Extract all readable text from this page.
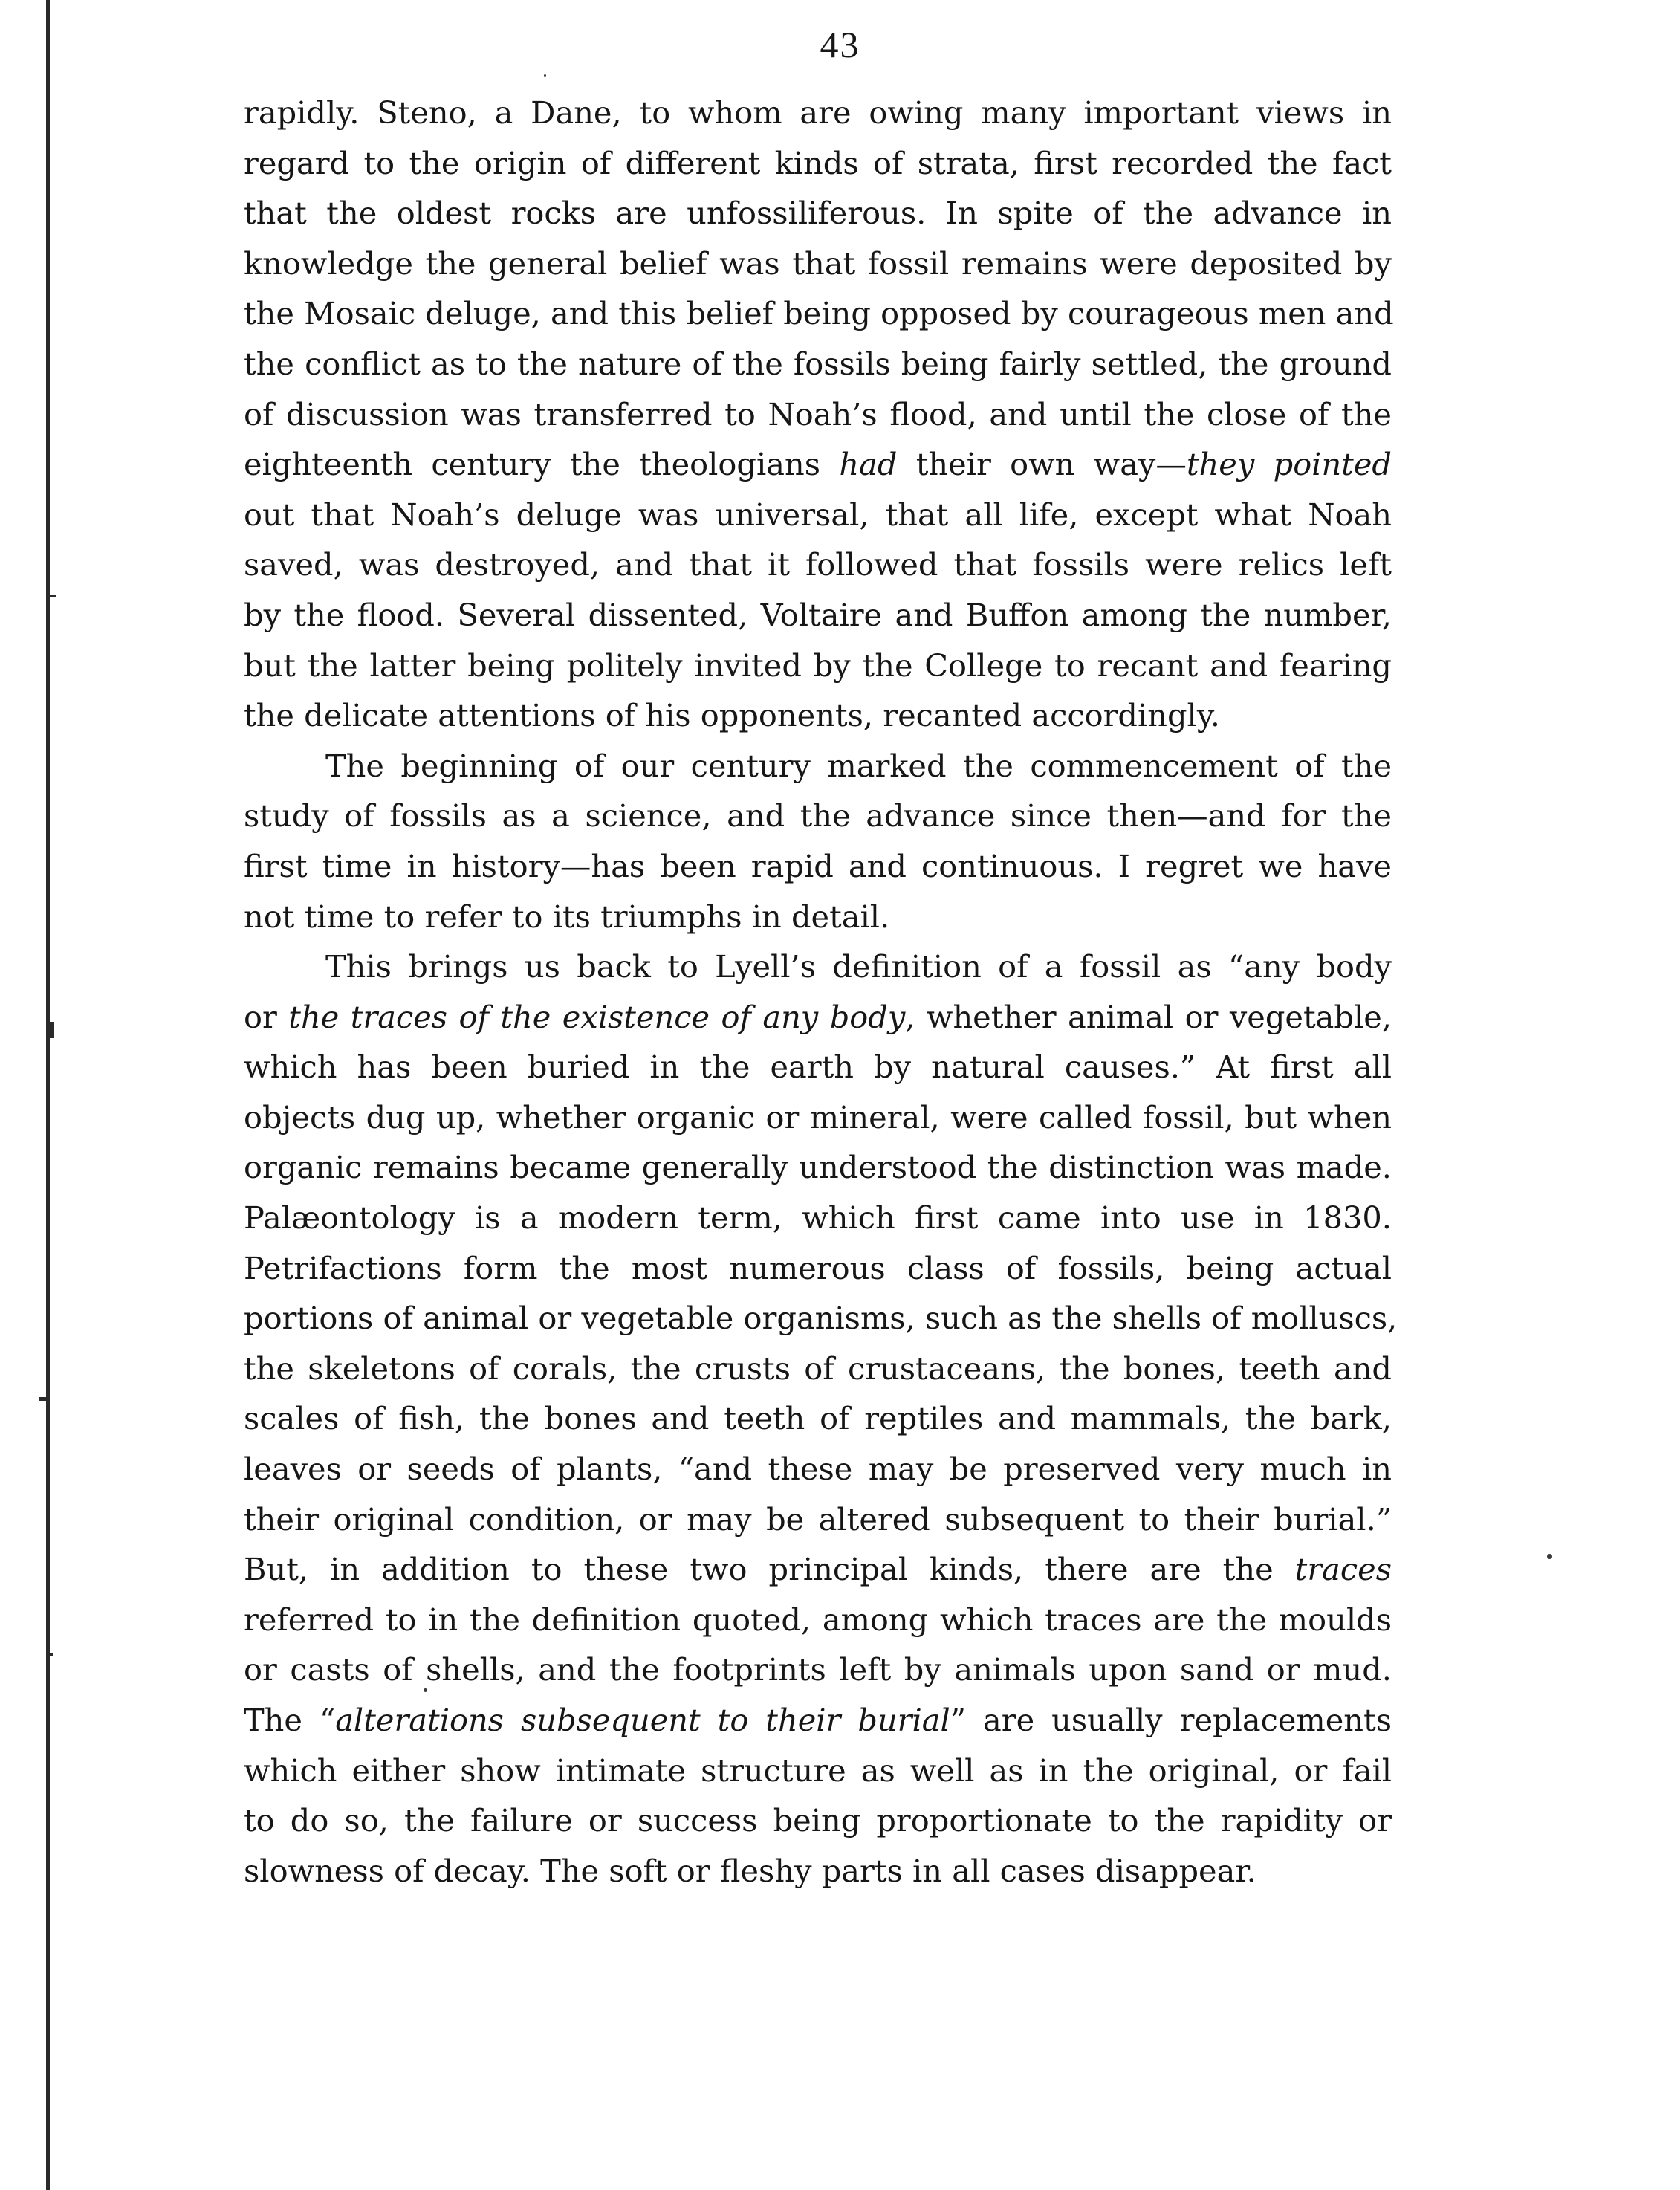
43
rapidly. Steno, a Dane, to whom are owing many important views in
regard to the origin of different kinds of strata, first recorded the fact
that the oldest rocks are unfossiliferous. In spite of the advance in
knowledge the general belief was that fossil remains were deposited by
the Mosaic deluge, and this belief being opposed by courageous men and
the conflict as to the nature of the fossils being fairly settled, the ground
of discussion was transferred to Noah’s flood, and until the close of the
eighteenth century the theologians had their own way—they pointed
out that Noah’s deluge was universal, that all life, except what Noah
saved, was destroyed, and that it followed that fossils were relics left
by the flood. Several dissented, Voltaire and Buffon among the number,
but the latter being politely invited by the College to recant and fearing
the delicate attentions of his opponents, recanted accordingly.
The beginning of our century marked the commencement of the
study of fossils as a science, and the advance since then—and for the
first time in history—has been rapid and continuous. I regret we have
not time to refer to its triumphs in detail.
This brings us back to Lyell’s definition of a fossil as “any body
or the traces of the existence of any body, whether animal or vegetable,
which has been buried in the earth by natural causes.” At first all
objects dug up, whether organic or mineral, were called fossil, but when
organic remains became generally understood the distinction was made.
Palæontology is a modern term, which first came into use in 1830.
Petrifactions form the most numerous class of fossils, being actual
portions of animal or vegetable organisms, such as the shells of molluscs,
the skeletons of corals, the crusts of crustaceans, the bones, teeth and
scales of fish, the bones and teeth of reptiles and mammals, the bark,
leaves or seeds of plants, “and these may be preserved very much in
their original condition, or may be altered subsequent to their burial.”
But, in addition to these two principal kinds, there are the traces
referred to in the definition quoted, among which traces are the moulds
or casts of shells, and the footprints left by animals upon sand or mud.
The “alterations subsequent to their burial” are usually replacements
which either show intimate structure as well as in the original, or fail
to do so, the failure or success being proportionate to the rapidity or
slowness of decay. The soft or fleshy parts in all cases disappear.
